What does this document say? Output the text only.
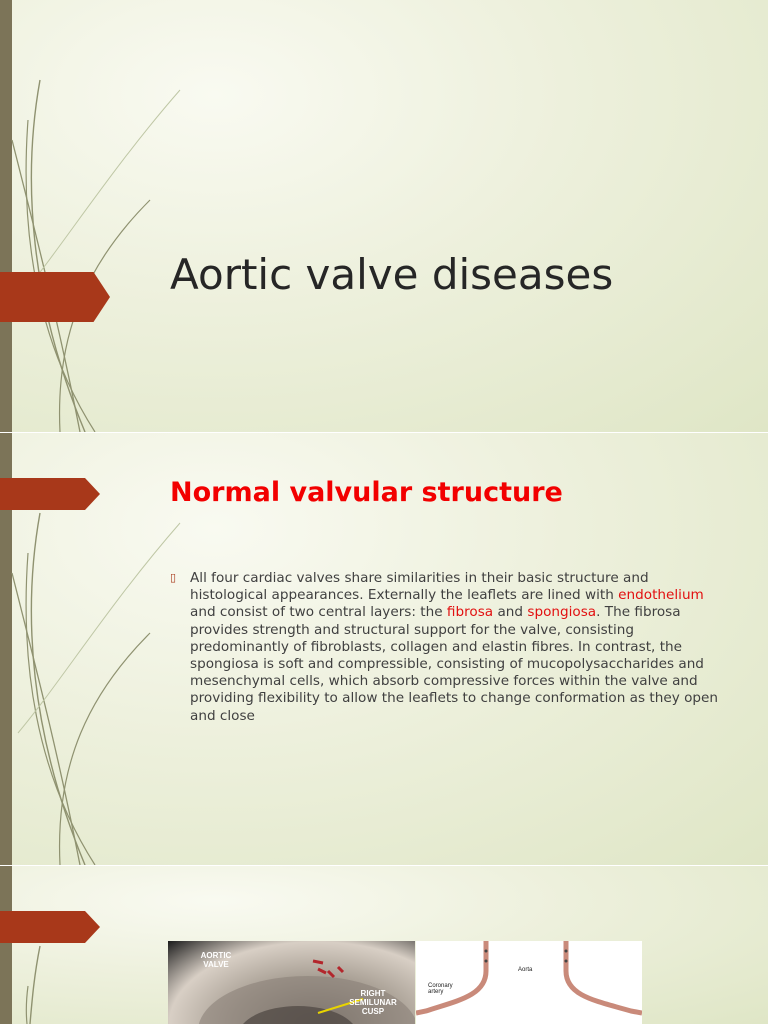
Aortic valve diseases
Normal valvular structure
▯ All four cardiac valves share similarities in their basic structure and histological appearances. Externally the leaflets are lined with endothelium and consist of two central layers: the fibrosa and spongiosa. The fibrosa provides strength and structural support for the valve, consisting predominantly of fibroblasts, collagen and elastin fibres. In contrast, the spongiosa is soft and compressible, consisting of mucopolysaccharides and mesenchymal cells, which absorb compressive forces within the valve and providing flexibility to allow the leaflets to change conformation as they open and close

AORTIC VALVE
RIGHT SEMILUNAR CUSP
Aorta
Coronary artery
